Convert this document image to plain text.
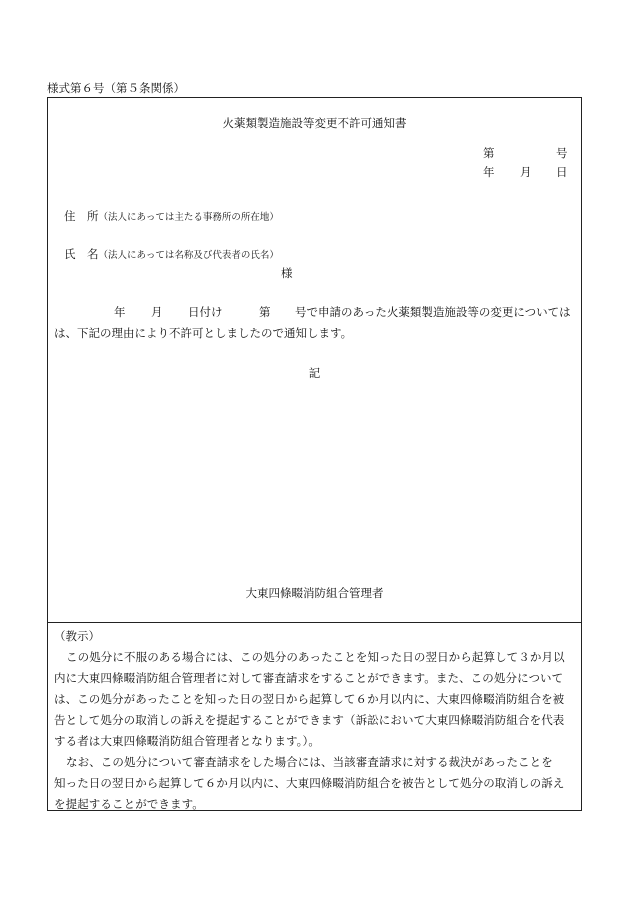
様式第６号（第５条関係）
火薬類製造施設等変更不許可通知書
第	号
年 月 日
住　所（法人にあっては主たる事務所の所在地）
氏　名（法人にあっては名称及び代表者の氏名）
様
年 月 日付け	第 号で申請のあった火薬類製造施設等の変更については
は、下記の理由により不許可としましたので通知します。
記
大東四條畷消防組合管理者
（教示）
この処分に不服のある場合には、この処分のあったことを知った日の翌日から起算して３か月以
内に大東四條畷消防組合管理者に対して審査請求をすることができます。また、この処分について
は、この処分があったことを知った日の翌日から起算して６か月以内に、大東四條畷消防組合を被
告として処分の取消しの訴えを提起することができます（訴訟において大東四條畷消防組合を代表
する者は大東四條畷消防組合管理者となります。）。
なお、この処分について審査請求をした場合には、当該審査請求に対する裁決があったことを
知った日の翌日から起算して６か月以内に、大東四條畷消防組合を被告として処分の取消しの訴え
を提起することができます。
